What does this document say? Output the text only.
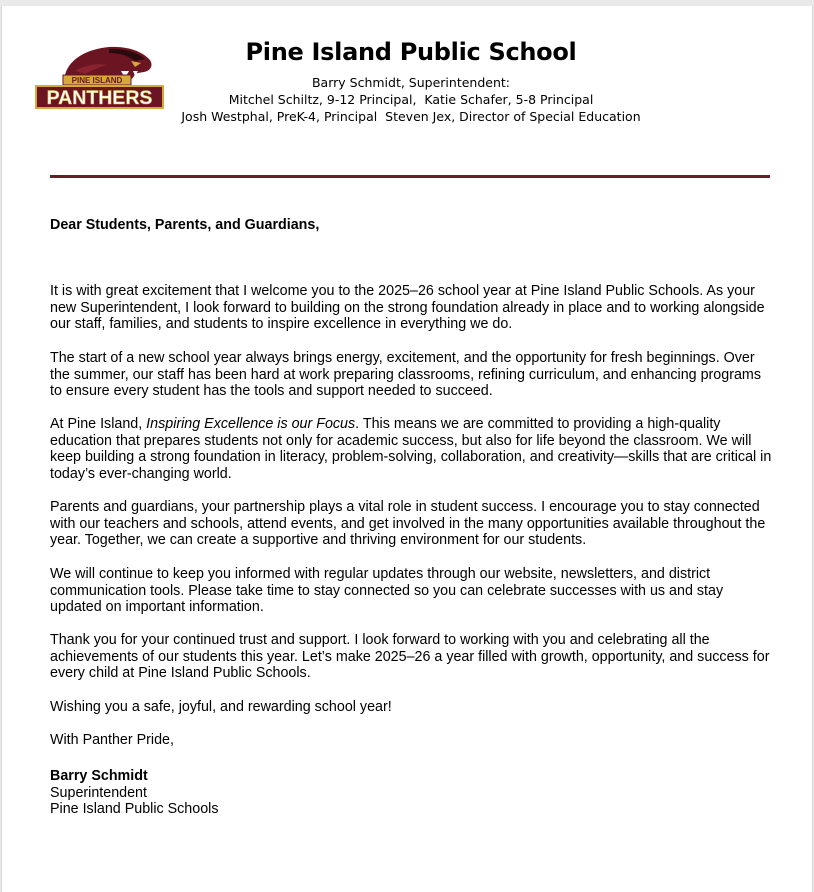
PINE ISLAND
PANTHERS
Pine Island Public School
Barry Schmidt, Superintendent:
Mitchel Schiltz, 9-12 Principal,  Katie Schafer, 5-8 Principal
Josh Westphal, PreK-4, Principal  Steven Jex, Director of Special Education
Dear Students, Parents, and Guardians,

It is with great excitement that I welcome you to the 2025–26 school year at Pine Island Public Schools. As your new Superintendent, I look forward to building on the strong foundation already in place and to working alongside our staff, families, and students to inspire excellence in everything we do.

The start of a new school year always brings energy, excitement, and the opportunity for fresh beginnings. Over the summer, our staff has been hard at work preparing classrooms, refining curriculum, and enhancing programs to ensure every student has the tools and support needed to succeed.

At Pine Island, Inspiring Excellence is our Focus. This means we are committed to providing a high-quality education that prepares students not only for academic success, but also for life beyond the classroom. We will keep building a strong foundation in literacy, problem-solving, collaboration, and creativity—skills that are critical in today’s ever-changing world.

Parents and guardians, your partnership plays a vital role in student success. I encourage you to stay connected with our teachers and schools, attend events, and get involved in the many opportunities available throughout the year. Together, we can create a supportive and thriving environment for our students.

We will continue to keep you informed with regular updates through our website, newsletters, and district communication tools. Please take time to stay connected so you can celebrate successes with us and stay updated on important information.

Thank you for your continued trust and support. I look forward to working with you and celebrating all the achievements of our students this year. Let’s make 2025–26 a year filled with growth, opportunity, and success for every child at Pine Island Public Schools.

Wishing you a safe, joyful, and rewarding school year!

With Panther Pride,

Barry Schmidt
Superintendent
Pine Island Public Schools
